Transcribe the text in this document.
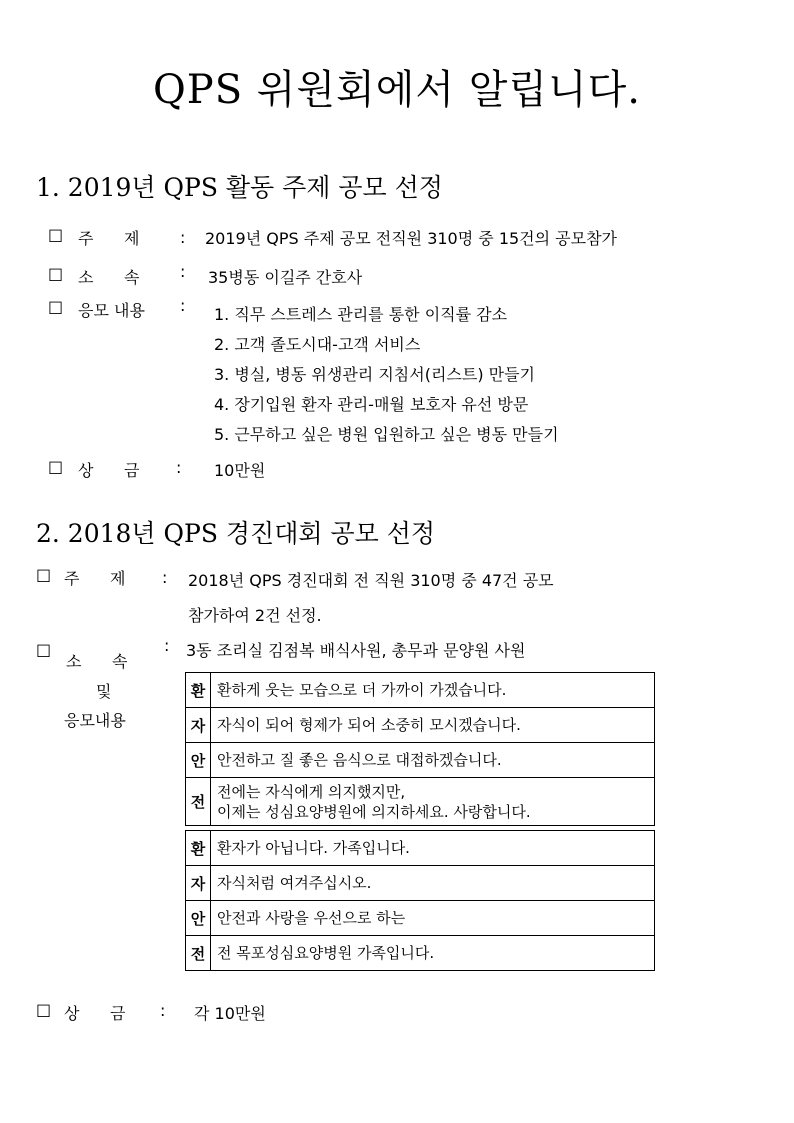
QPS 위원회에서 알립니다.
1. 2019년 QPS 활동 주제 공모 선정
□ 주      제	: 2019년 QPS 주제 공모 전직원 310명 중 15건의 공모참가
□ 소      속	: 35병동 이길주 간호사
□ 응모 내용 : 1. 직무 스트레스 관리를 통한 이직률 감소
2. 고객 졸도시대-고객 서비스
3. 병실, 병동 위생관리 지침서(리스트) 만들기
4. 장기입원 환자 관리-매월 보호자 유선 방문
5. 근무하고 싶은 병원 입원하고 싶은 병동 만들기
□ 상      금 : 10만원
2. 2018년 QPS 경진대회 공모 선정
□ 주      제 : 2018년 QPS 경진대회 전 직원 310명 중 47건 공모
참가하여 2건 선정.
□
소      속
및
응모내용
: 3동 조리실 김점복 배식사원, 총무과 문양원 사원
환	환하게 웃는 모습으로 더 가까이 가겠습니다.
자	자식이 되어 형제가 되어 소중히 모시겠습니다.
안	안전하고 질 좋은 음식으로 대접하겠습니다.
전	전에는 자식에게 의지했지만,
이제는 성심요양병원에 의지하세요. 사랑합니다.
환	환자가 아닙니다. 가족입니다.
자	자식처럼 여겨주십시오.
안	안전과 사랑을 우선으로 하는
전	전 목포성심요양병원 가족입니다.
□ 상      금 : 각 10만원
